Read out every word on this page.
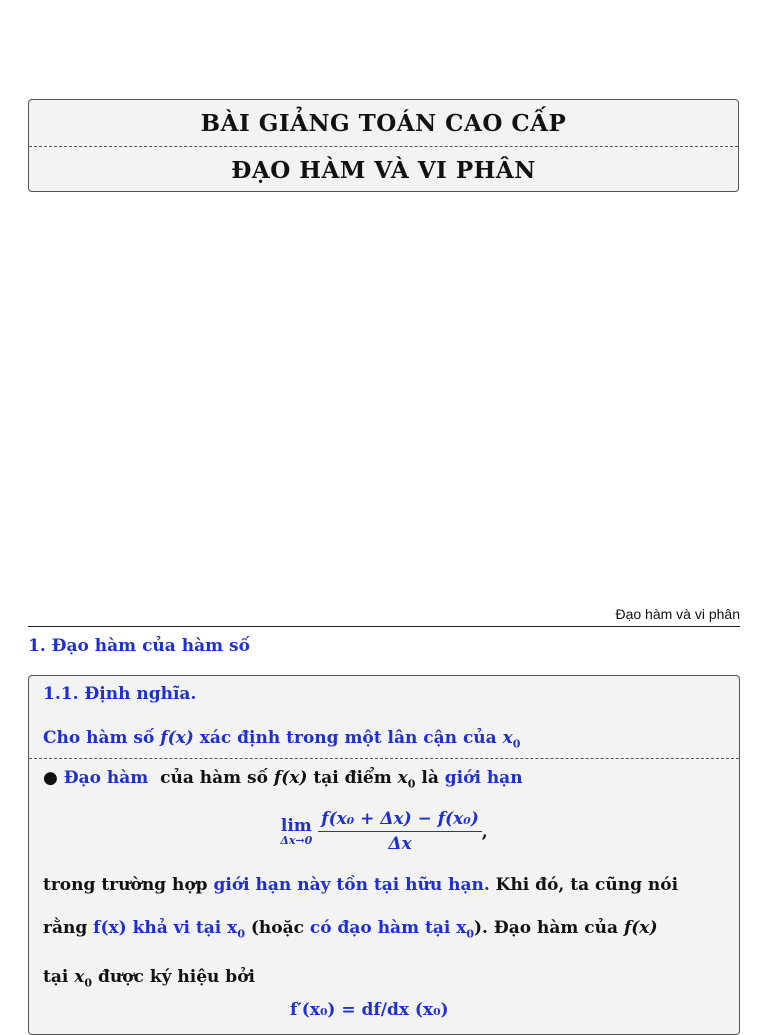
BÀI GIẢNG TOÁN CAO CẤP
ĐẠO HÀM VÀ VI PHÂN
Đạo hàm và vi phân
1. Đạo hàm của hàm số
1.1. Định nghĩa.
Cho hàm số f(x) xác định trong một lân cận của $x_0$
● Đạo hàm  của hàm số f(x) tại điểm $x_0$ là giới hạn
lim
$\Delta x\to 0 \frac{\text{f(x₀ + Δx) − f(x₀)}}{\Delta x}$ ,
trong trường hợp giới hạn này tồn tại hữu hạn. Khi đó, ta cũng nói
rằng f(x) khả vi tại $x_0$ (hoặc có đạo hàm tại $x_0$). Đạo hàm của f(x)
tại $x_0$ được ký hiệu bởi
f′(x₀) = df/dx (x₀)
